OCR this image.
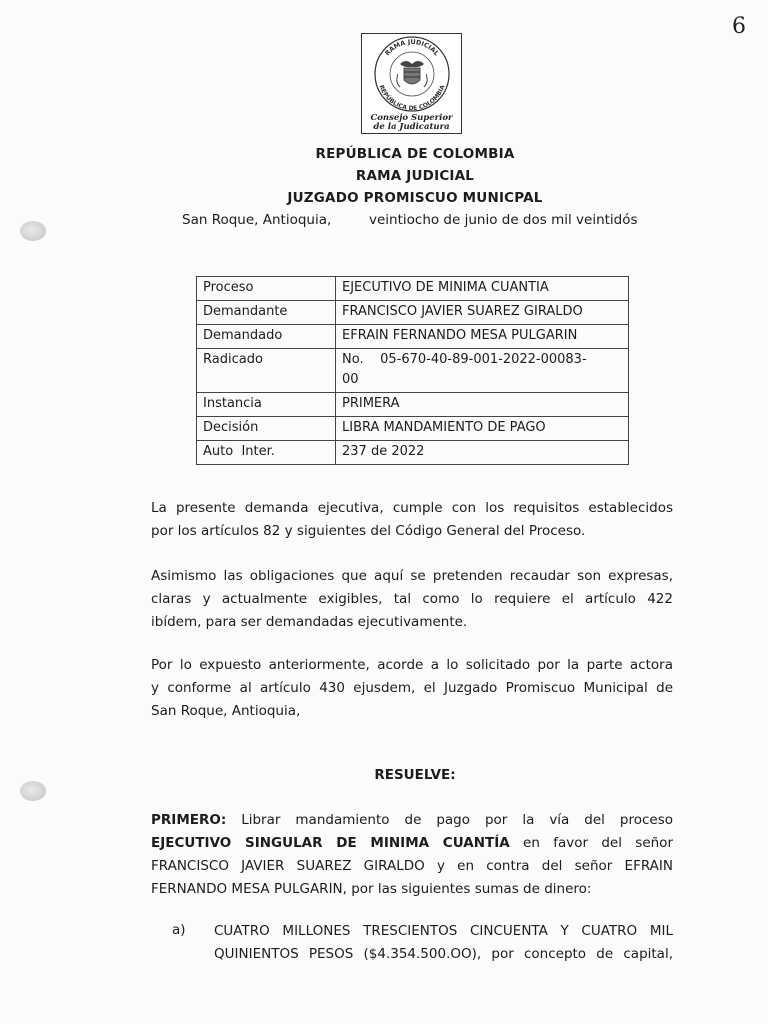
6
RAMA JUDICIAL
REPÚBLICA DE COLOMBIA
Consejo Superior
de la Judicatura
REPÚBLICA DE COLOMBIA
RAMA JUDICIAL
JUZGADO PROMISCUO MUNICPAL
San Roque, Antioquia,	veintiocho de junio de dos mil veintidós
Proceso	EJECUTIVO DE MINIMA CUANTIA
Demandante	FRANCISCO JAVIER SUAREZ GIRALDO
Demandado	EFRAIN FERNANDO MESA PULGARIN
Radicado	No.    05-670-40-89-001-2022-00083-
00

Instancia	PRIMERA
Decisión	LIBRA MANDAMIENTO DE PAGO
Auto  Inter.	237 de 2022
La presente demanda ejecutiva, cumple con los requisitos establecidos
por los artículos 82 y siguientes del Código General del Proceso.
Asimismo las obligaciones que aquí se pretenden recaudar son expresas,
claras y actualmente exigibles, tal como lo requiere el artículo 422
ibídem, para ser demandadas ejecutivamente.
Por lo expuesto anteriormente, acorde a lo solicitado por la parte actora
y conforme al artículo 430 ejusdem, el Juzgado Promiscuo Municipal de
San Roque, Antioquia,
RESUELVE:
PRIMERO: Librar mandamiento de pago por la vía del proceso
EJECUTIVO SINGULAR DE MINIMA CUANTÍA en favor del señor
FRANCISCO JAVIER SUAREZ GIRALDO y en contra del señor EFRAIN
FERNANDO MESA PULGARIN, por las siguientes sumas de dinero:
a) CUATRO MILLONES TRESCIENTOS CINCUENTA Y CUATRO MIL
QUINIENTOS PESOS ($4.354.500.OO), por concepto de capital,
